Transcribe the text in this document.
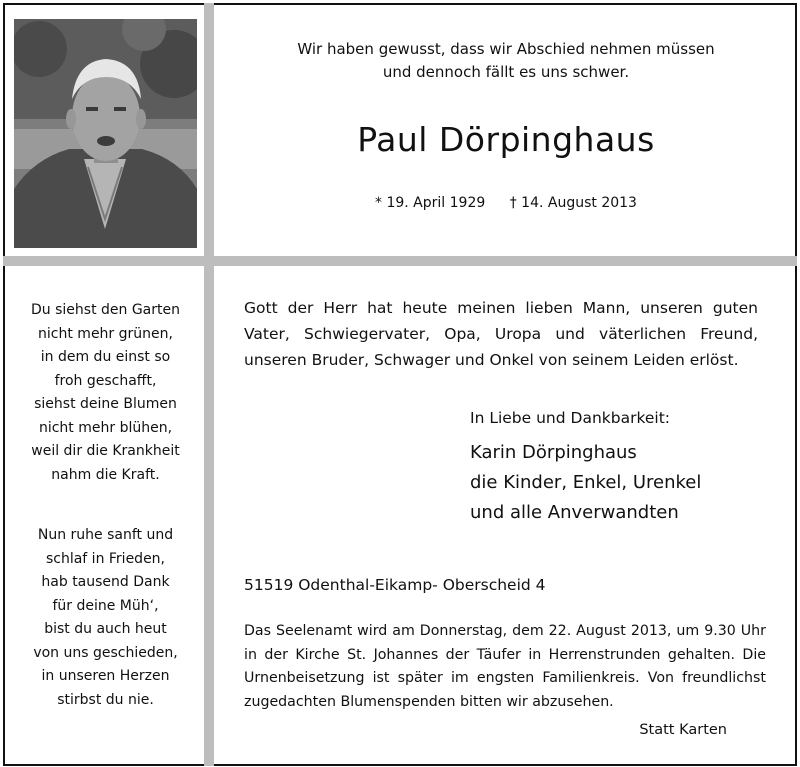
Wir haben gewusst, dass wir Abschied nehmen müssen
und dennoch fällt es uns schwer.
Paul Dörpinghaus
* 19. April 1929 † 14. August 2013
Du siehst den Garten
nicht mehr grünen,
in dem du einst so
froh geschafft,
siehst deine Blumen
nicht mehr blühen,
weil dir die Krankheit
nahm die Kraft.
Nun ruhe sanft und
schlaf in Frieden,
hab tausend Dank
für deine Müh‘,
bist du auch heut
von uns geschieden,
in unseren Herzen
stirbst du nie.
Gott der Herr hat heute meinen lieben Mann, unseren guten Vater, Schwiegervater, Opa, Uropa und väterlichen Freund, unseren Bruder, Schwager und Onkel von seinem Leiden erlöst.
In Liebe und Dankbarkeit:
Karin Dörpinghaus
die Kinder, Enkel, Urenkel
und alle Anverwandten
51519 Odenthal-Eikamp- Oberscheid 4
Das Seelenamt wird am Donnerstag, dem 22. August 2013, um 9.30 Uhr in der Kirche St. Johannes der Täufer in Herrenstrunden gehalten. Die Urnenbeisetzung ist später im engsten Familienkreis. Von freundlichst zugedachten Blumenspenden bitten wir abzusehen.
Statt Karten
